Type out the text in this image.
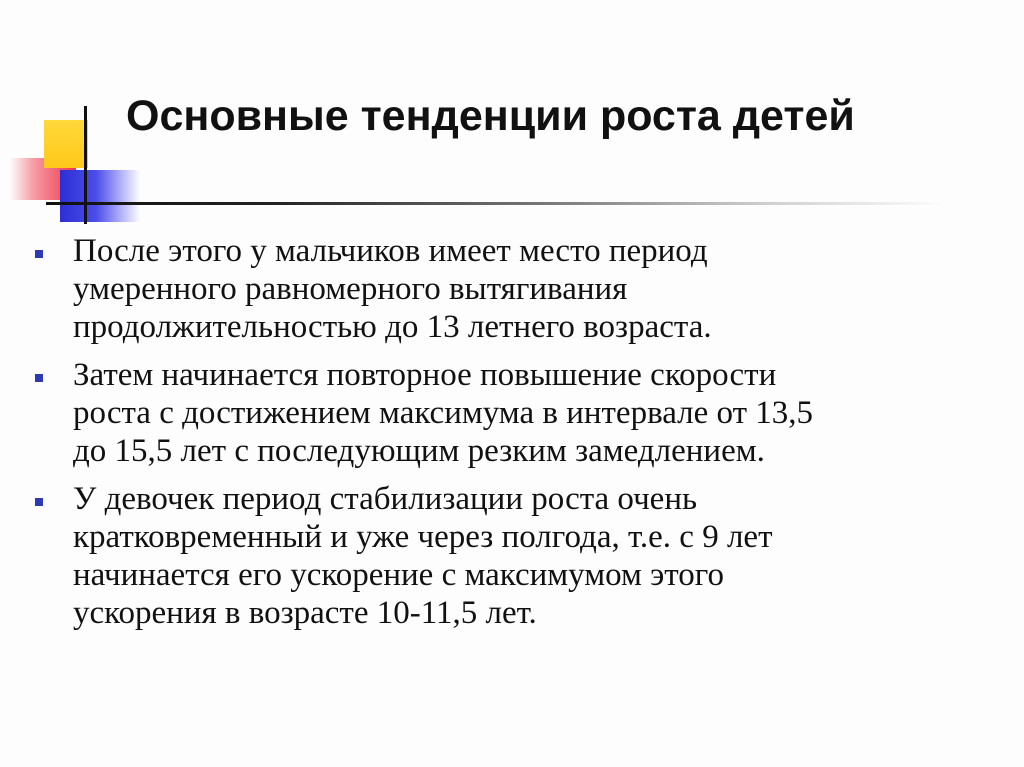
Основные тенденции роста детей
После этого у мальчиков имеет место период
умеренного равномерного вытягивания
продолжительностью до 13 летнего возраста.
Затем начинается повторное повышение скорости
роста с достижением максимума в интервале от 13,5
до 15,5 лет с последующим резким замедлением.
У девочек период стабилизации роста очень
кратковременный и уже через полгода, т.е. с 9 лет
начинается его ускорение с максимумом этого
ускорения в возрасте 10-11,5 лет.
